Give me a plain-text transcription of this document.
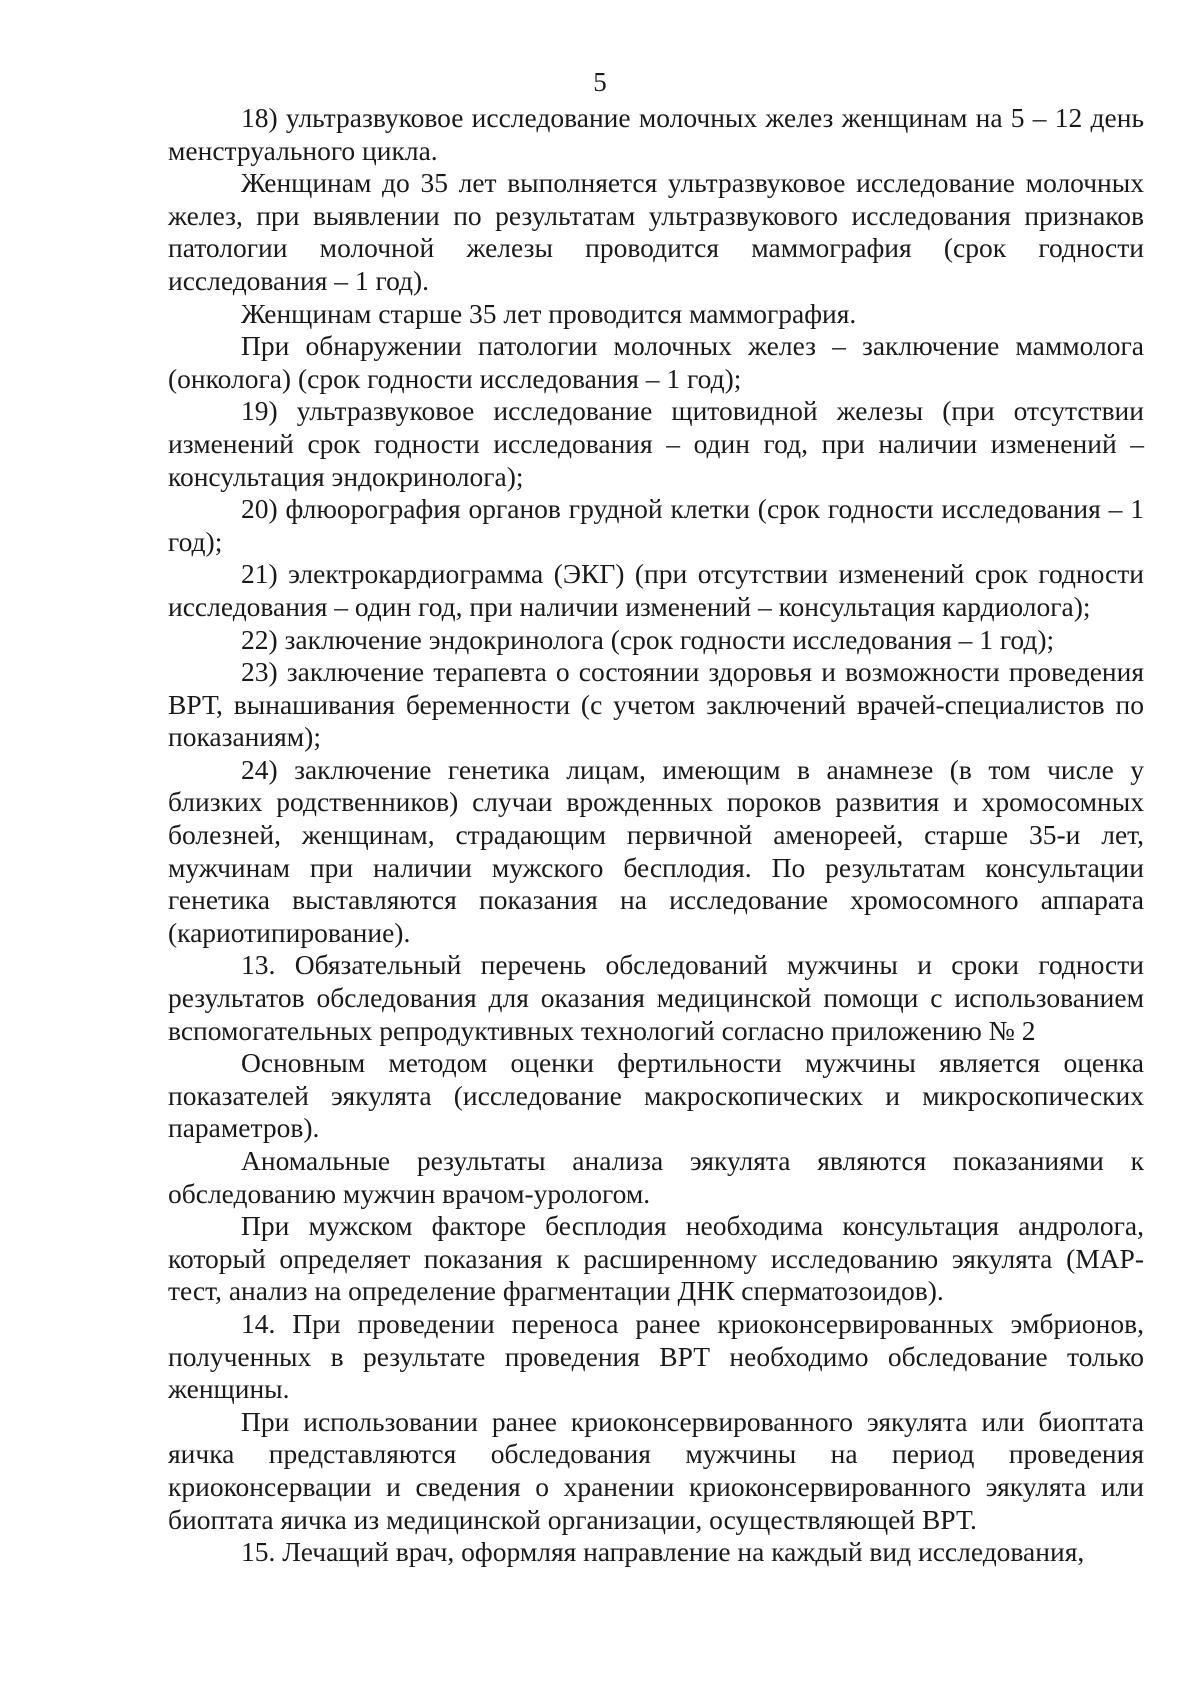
5

18) ультразвуковое исследование молочных желез женщинам на 5 – 12 день менструального цикла.

Женщинам до 35 лет выполняется ультразвуковое исследование молочных желез, при выявлении по результатам ультразвукового исследования признаков патологии молочной железы проводится маммография (срок годности исследования – 1 год).

Женщинам старше 35 лет проводится маммография.

При обнаружении патологии молочных желез – заключение маммолога (онколога) (срок годности исследования – 1 год);

19) ультразвуковое исследование щитовидной железы (при отсутствии изменений срок годности исследования – один год, при наличии изменений – консультация эндокринолога);

20) флюорография органов грудной клетки (срок годности исследования – 1 год);

21) электрокардиограмма (ЭКГ) (при отсутствии изменений срок годности исследования – один год, при наличии изменений – консультация кардиолога);

22) заключение эндокринолога (срок годности исследования – 1 год);

23) заключение терапевта о состоянии здоровья и возможности проведения ВРТ, вынашивания беременности (с учетом заключений врачей-специалистов по показаниям);

24) заключение генетика лицам, имеющим в анамнезе (в том числе у близких родственников) случаи врожденных пороков развития и хромосомных болезней, женщинам, страдающим первичной аменореей, старше 35-и лет, мужчинам при наличии мужского бесплодия. По результатам консультации генетика выставляются показания на исследование хромосомного аппарата (кариотипирование).

13. Обязательный перечень обследований мужчины и сроки годности результатов обследования для оказания медицинской помощи с использованием вспомогательных репродуктивных технологий согласно приложению № 2

Основным методом оценки фертильности мужчины является оценка показателей эякулята (исследование макроскопических и микроскопических параметров).

Аномальные результаты анализа эякулята являются показаниями к обследованию мужчин врачом-урологом.

При мужском факторе бесплодия необходима консультация андролога, который определяет показания к расширенному исследованию эякулята (MAP-тест, анализ на определение фрагментации ДНК сперматозоидов).

14. При проведении переноса ранее криоконсервированных эмбрионов, полученных в результате проведения ВРТ необходимо обследование только женщины.

При использовании ранее криоконсервированного эякулята или биоптата яичка представляются обследования мужчины на период проведения криоконсервации и сведения о хранении криоконсервированного эякулята или биоптата яичка из медицинской организации, осуществляющей ВРТ.

15. Лечащий врач, оформляя направление на каждый вид исследования,
